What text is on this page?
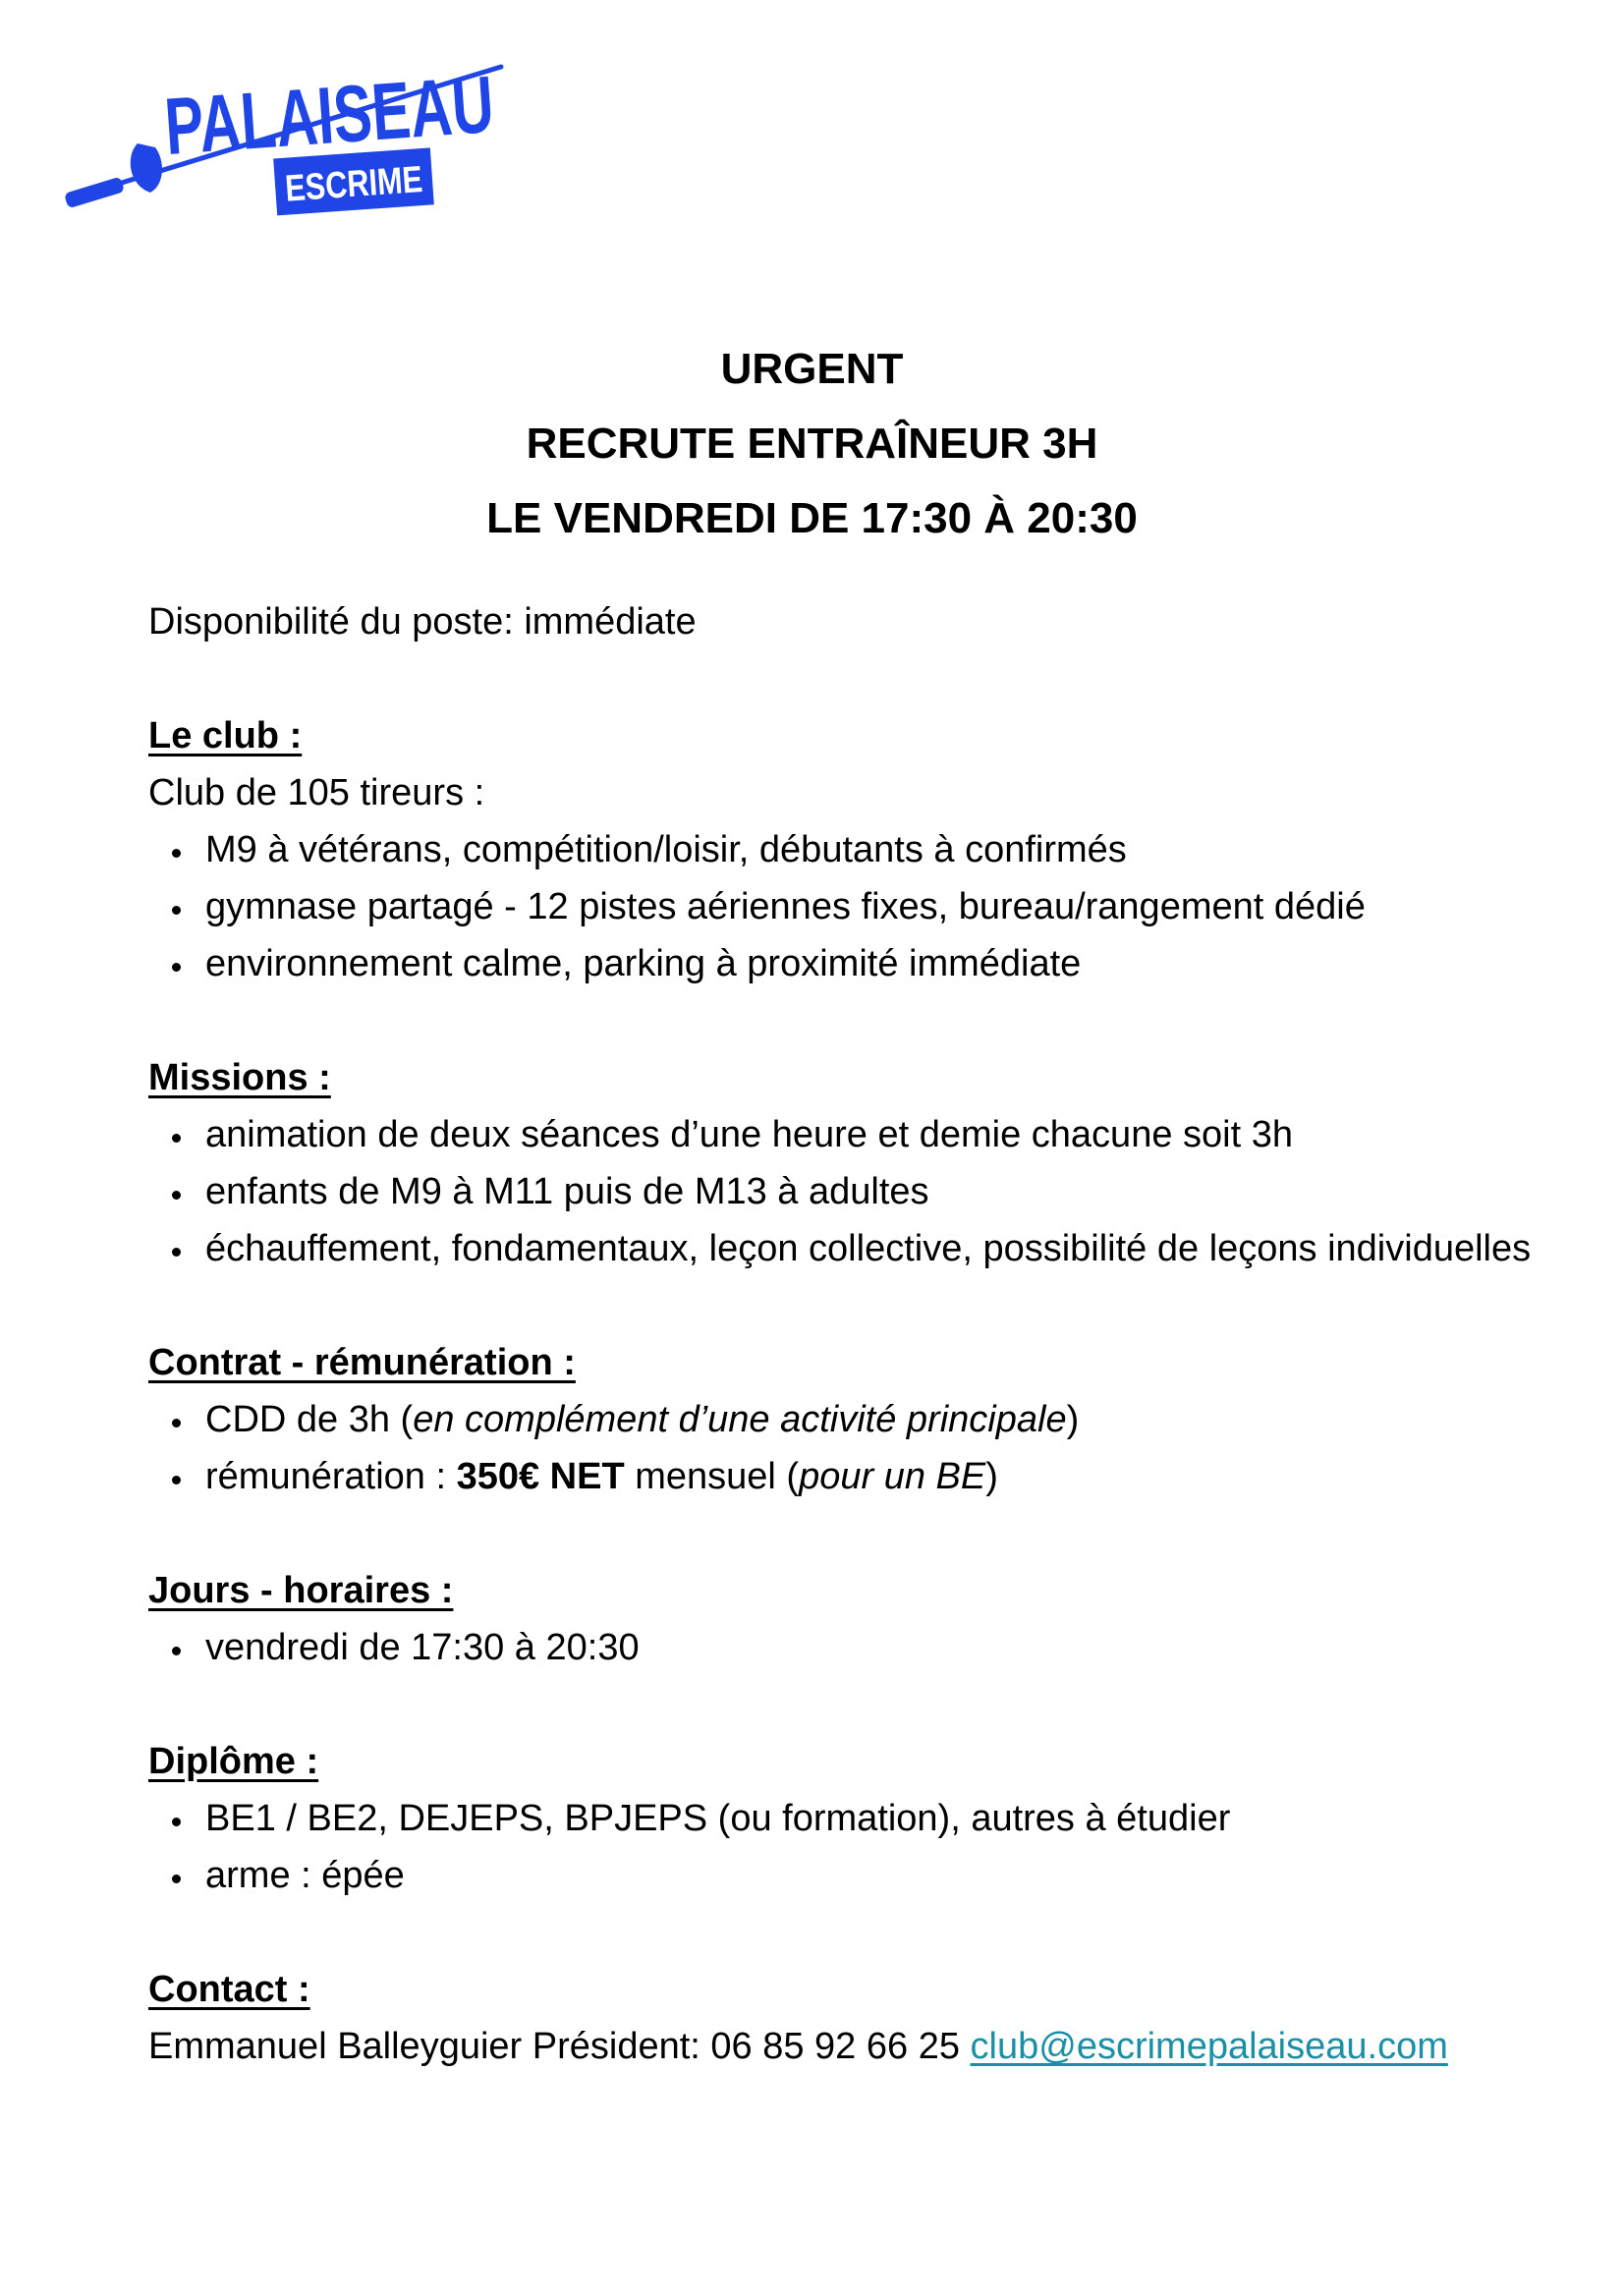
PALAISEAU
ESCRIME
URGENT
RECRUTE ENTRAÎNEUR 3H
LE VENDREDI DE 17:30 À 20:30
Disponibilité du poste: immédiate
Le club :
Club de 105 tireurs :
M9 à vétérans, compétition/loisir, débutants à confirmés
gymnase partagé - 12 pistes aériennes fixes, bureau/rangement dédié
environnement calme, parking à proximité immédiate
Missions :
animation de deux séances d’une heure et demie chacune soit 3h
enfants de M9 à M11 puis de M13 à adultes
échauffement, fondamentaux, leçon collective, possibilité de leçons individuelles
Contrat - rémunération :
CDD de 3h (en complément d’une activité principale)
rémunération : 350€ NET mensuel (pour un BE)
Jours - horaires :
vendredi de 17:30 à 20:30
Diplôme :
BE1 / BE2, DEJEPS, BPJEPS (ou formation), autres à étudier
arme : épée
Contact :
Emmanuel Balleyguier Président: 06 85 92 66 25 club@escrimepalaiseau.com
